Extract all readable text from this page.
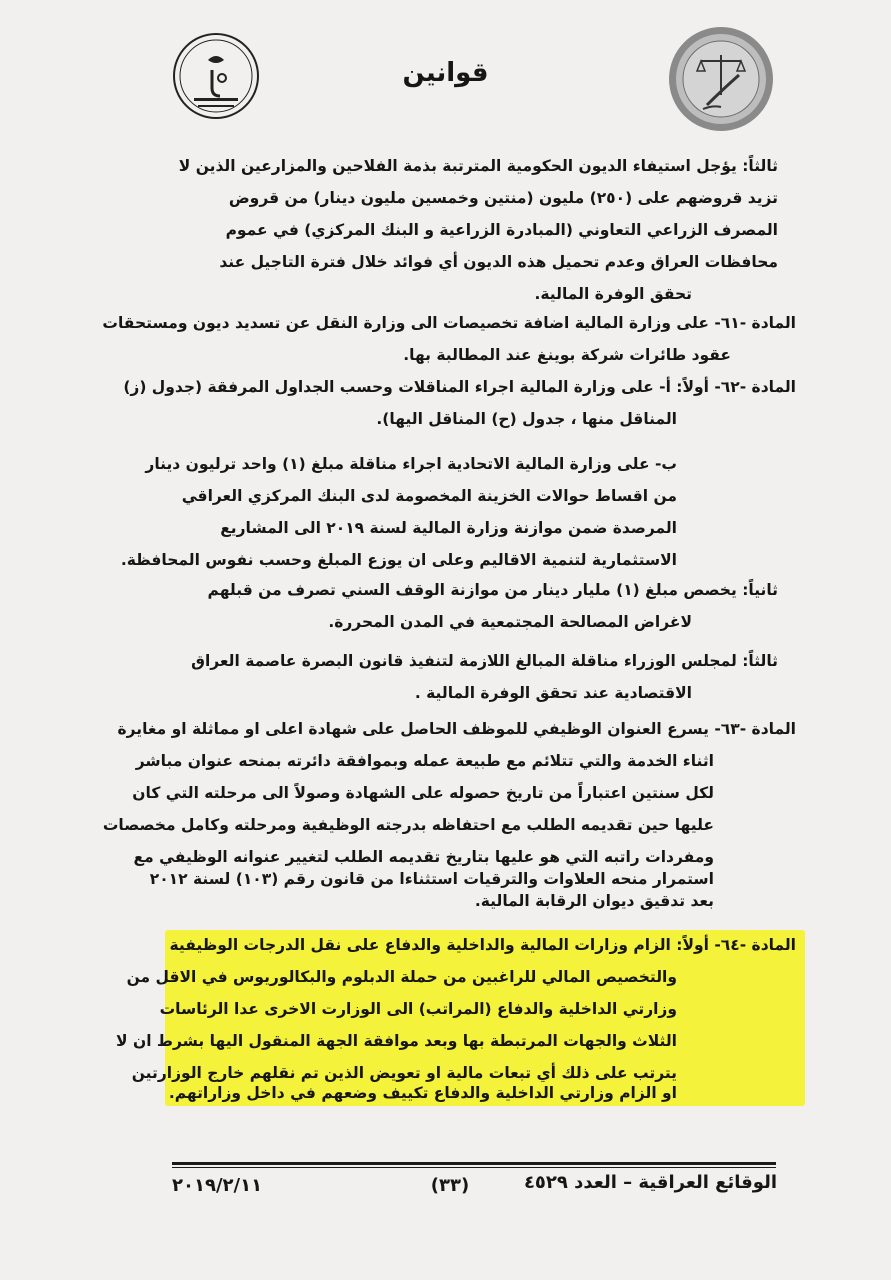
قوانين
ثالثاً: يؤجل استيفاء الديون الحكومية المترتبة بذمة الفلاحين والمزارعين الذين لا
تزيد قروضهم على (٢٥٠) مليون (منتين وخمسين مليون دينار) من قروض
المصرف الزراعي التعاوني (المبادرة الزراعية و البنك المركزي) في عموم
محافظات العراق وعدم تحميل هذه الديون أي فوائد خلال فترة التاجيل عند
تحقق الوفرة المالية.
المادة -٦١- على وزارة المالية اضافة تخصيصات الى وزارة النقل عن تسديد ديون ومستحقات
عقود طائرات شركة بوينغ عند المطالبة بها.
المادة -٦٢- أولاً: أ- على وزارة المالية اجراء المناقلات وحسب الجداول المرفقة (جدول (ز)
المناقل منها ، جدول (ح) المناقل اليها).
ب- على وزارة المالية الاتحادية اجراء مناقلة مبلغ (١) واحد ترليون دينار
من اقساط حوالات الخزينة المخصومة لدى البنك المركزي العراقي
المرصدة ضمن موازنة وزارة المالية لسنة ٢٠١٩ الى المشاريع
الاستثمارية لتنمية الاقاليم وعلى ان يوزع المبلغ وحسب نفوس المحافظة.
ثانياً: يخصص مبلغ (١) مليار دينار من موازنة الوقف السني تصرف من قبلهم
لاغراض المصالحة المجتمعية في المدن المحررة.
ثالثاً: لمجلس الوزراء مناقلة المبالغ اللازمة لتنفيذ قانون البصرة عاصمة العراق
الاقتصادية عند تحقق الوفرة المالية .
المادة -٦٣- يسرع العنوان الوظيفي للموظف الحاصل على شهادة اعلى او مماثلة او مغايرة
اثناء الخدمة والتي تتلائم مع طبيعة عمله وبموافقة دائرته بمنحه عنوان مباشر
لكل سنتين اعتباراً من تاريخ حصوله على الشهادة وصولاً الى مرحلته التي كان
عليها حين تقديمه الطلب مع احتفاظه بدرجته الوظيفية ومرحلته وكامل مخصصات
ومفردات راتبه التي هو عليها بتاريخ تقديمه الطلب لتغيير عنوانه الوظيفي مع
استمرار منحه العلاوات والترقيات استثناءا من قانون رقم (١٠٣) لسنة ٢٠١٢
بعد تدقيق ديوان الرقابة المالية.
المادة -٦٤- أولاً: الزام وزارات المالية والداخلية والدفاع على نقل الدرجات الوظيفية
والتخصيص المالي للراغبين من حملة الدبلوم والبكالوريوس في الاقل من
وزارتي الداخلية والدفاع (المراتب) الى الوزارت الاخرى عدا الرئاسات
الثلاث والجهات المرتبطة بها وبعد موافقة الجهة المنقول اليها بشرط ان لا
يترتب على ذلك أي تبعات مالية او تعويض الذين تم نقلهم خارج الوزارتين
او الزام وزارتي الداخلية والدفاع تكييف وضعهم في داخل وزاراتهم.
الوقائع العراقية – العدد ٤٥٢٩
(٣٣)
٢٠١٩/٢/١١
